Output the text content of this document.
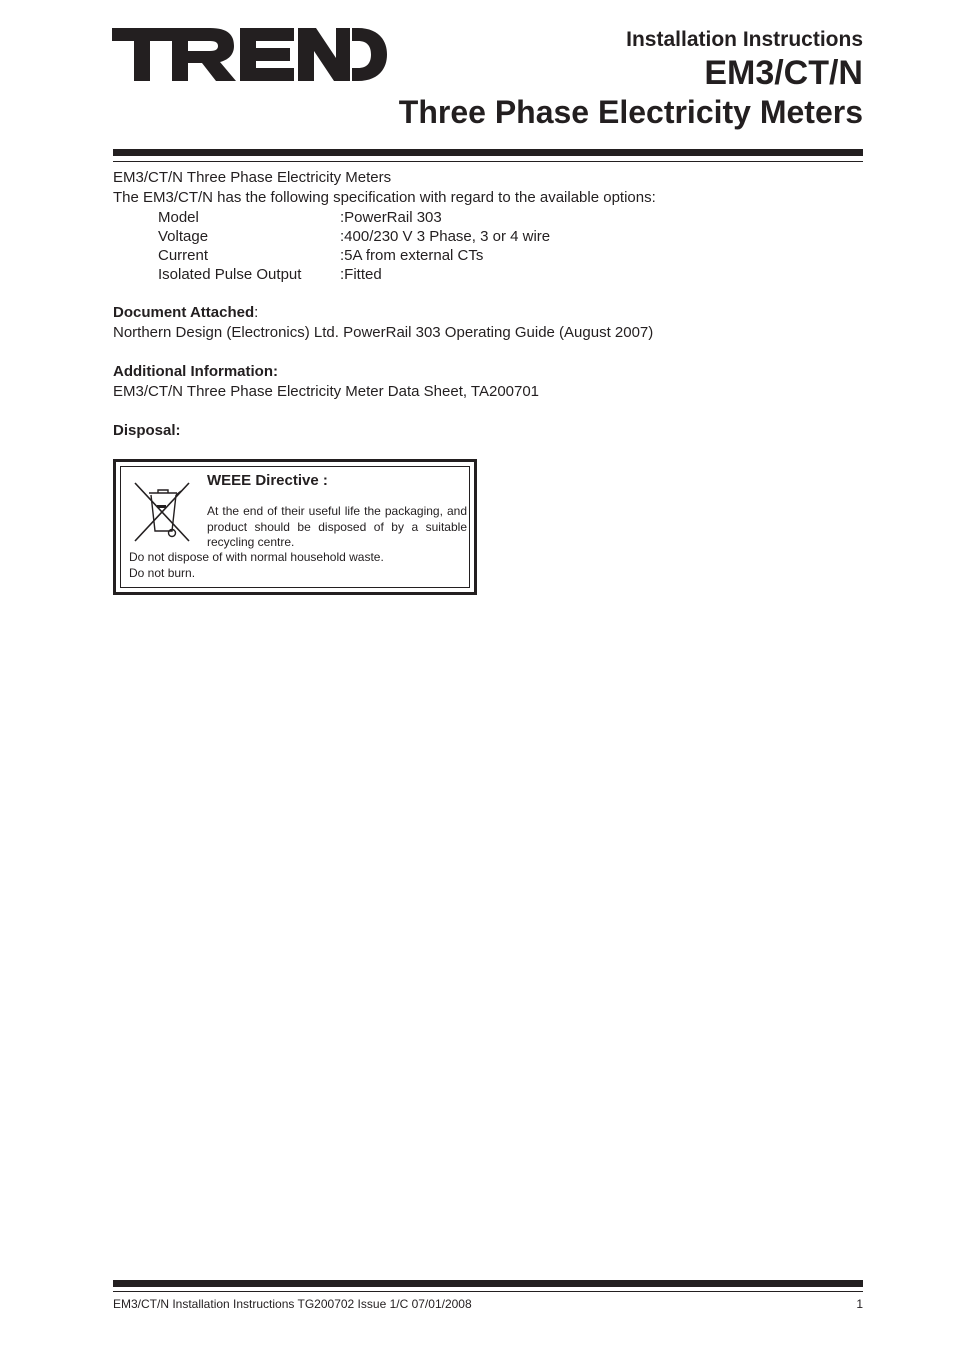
Installation Instructions
EM3/CT/N
Three Phase Electricity Meters

EM3/CT/N Three Phase Electricity Meters

The EM3/CT/N has the following specification with regard to the available options:

Model	:PowerRail 303
Voltage	:400/230 V 3 Phase, 3 or 4 wire
Current	:5A from external CTs
Isolated Pulse Output	:Fitted

Document Attached:

Northern Design (Electronics) Ltd. PowerRail 303 Operating Guide (August 2007)

Additional Information:

EM3/CT/N Three Phase Electricity Meter Data Sheet, TA200701

Disposal:

WEEE Directive :
At the end of their useful life the packaging, and product should be disposed of by a suitable recycling centre.
Do not dispose of with normal household waste.
Do not burn.
EM3/CT/N Installation Instructions TG200702 Issue 1/C 07/01/2008	1
